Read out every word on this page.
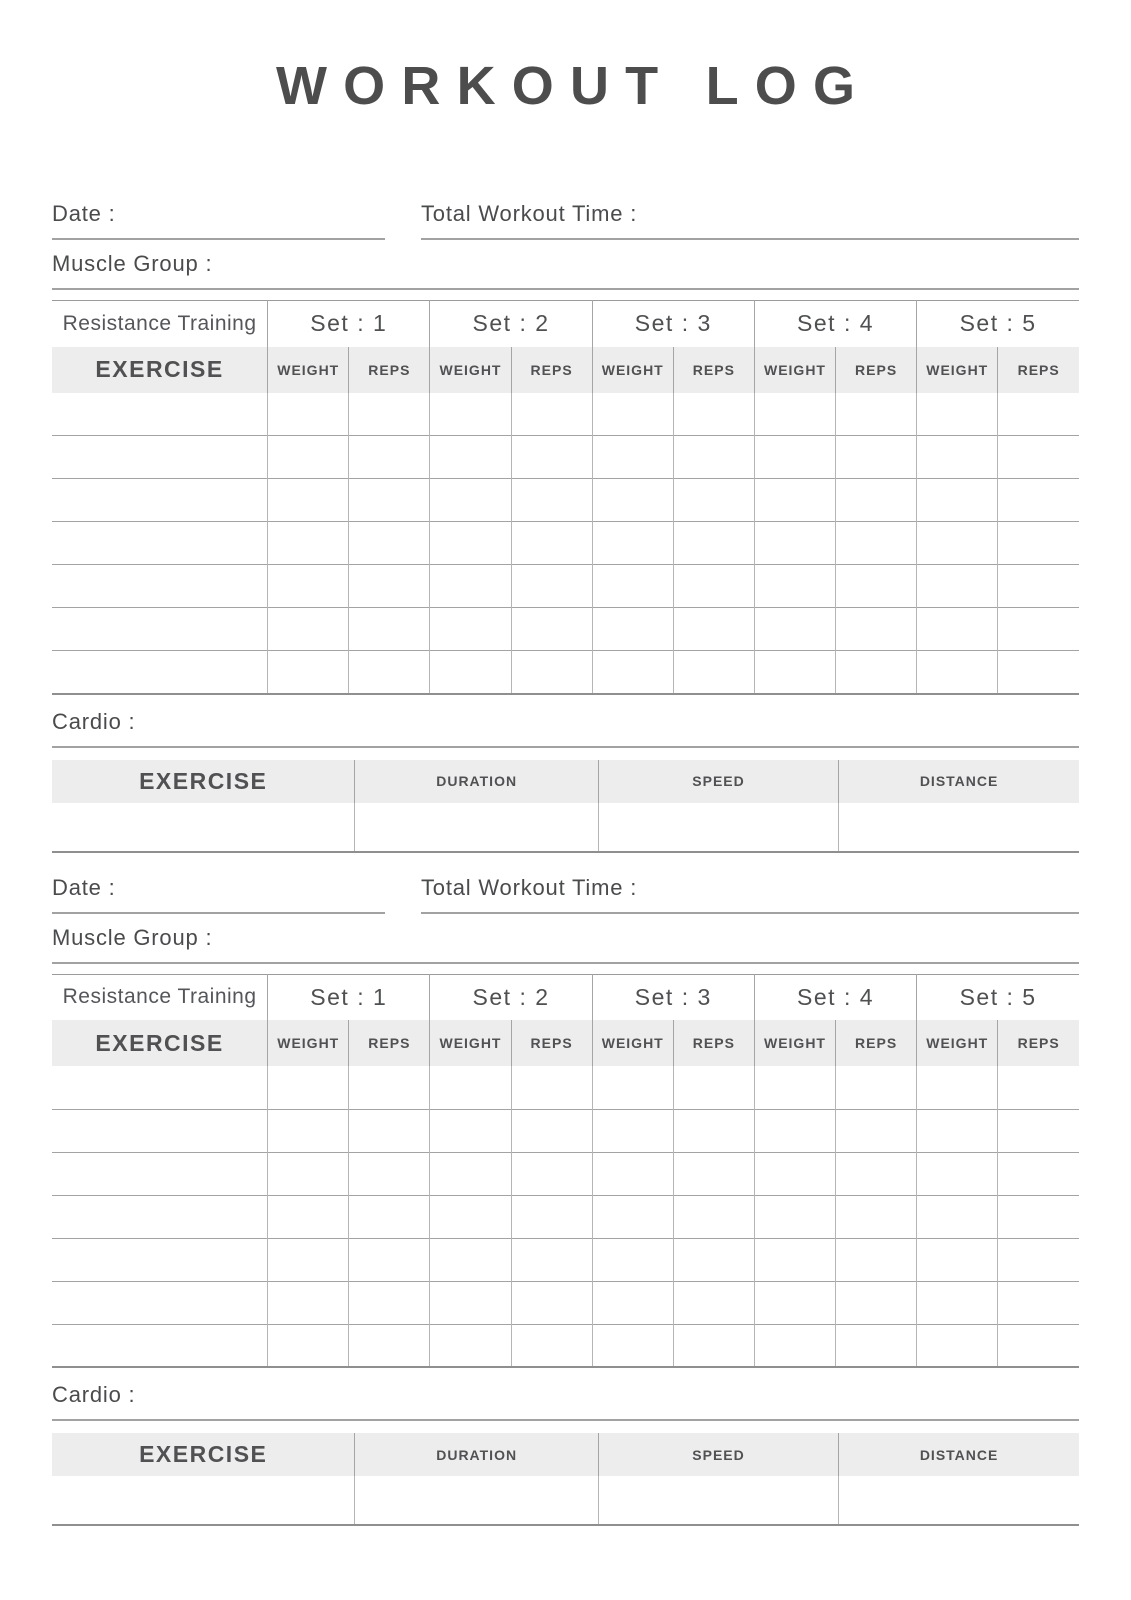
WORKOUT LOG
Date :	Total Workout Time :
Muscle Group :
Resistance Training	Set : 1		Set : 2		Set : 3		Set : 4		Set : 5	
EXERCISE	WEIGHT	REPS	WEIGHT	REPS	WEIGHT	REPS	WEIGHT	REPS	WEIGHT	REPS

Cardio :
EXERCISE	DURATION	SPEED	DISTANCE

Date :	Total Workout Time :
Muscle Group :
Resistance Training	Set : 1		Set : 2		Set : 3		Set : 4		Set : 5	
EXERCISE	WEIGHT	REPS	WEIGHT	REPS	WEIGHT	REPS	WEIGHT	REPS	WEIGHT	REPS

Cardio :
EXERCISE	DURATION	SPEED	DISTANCE
